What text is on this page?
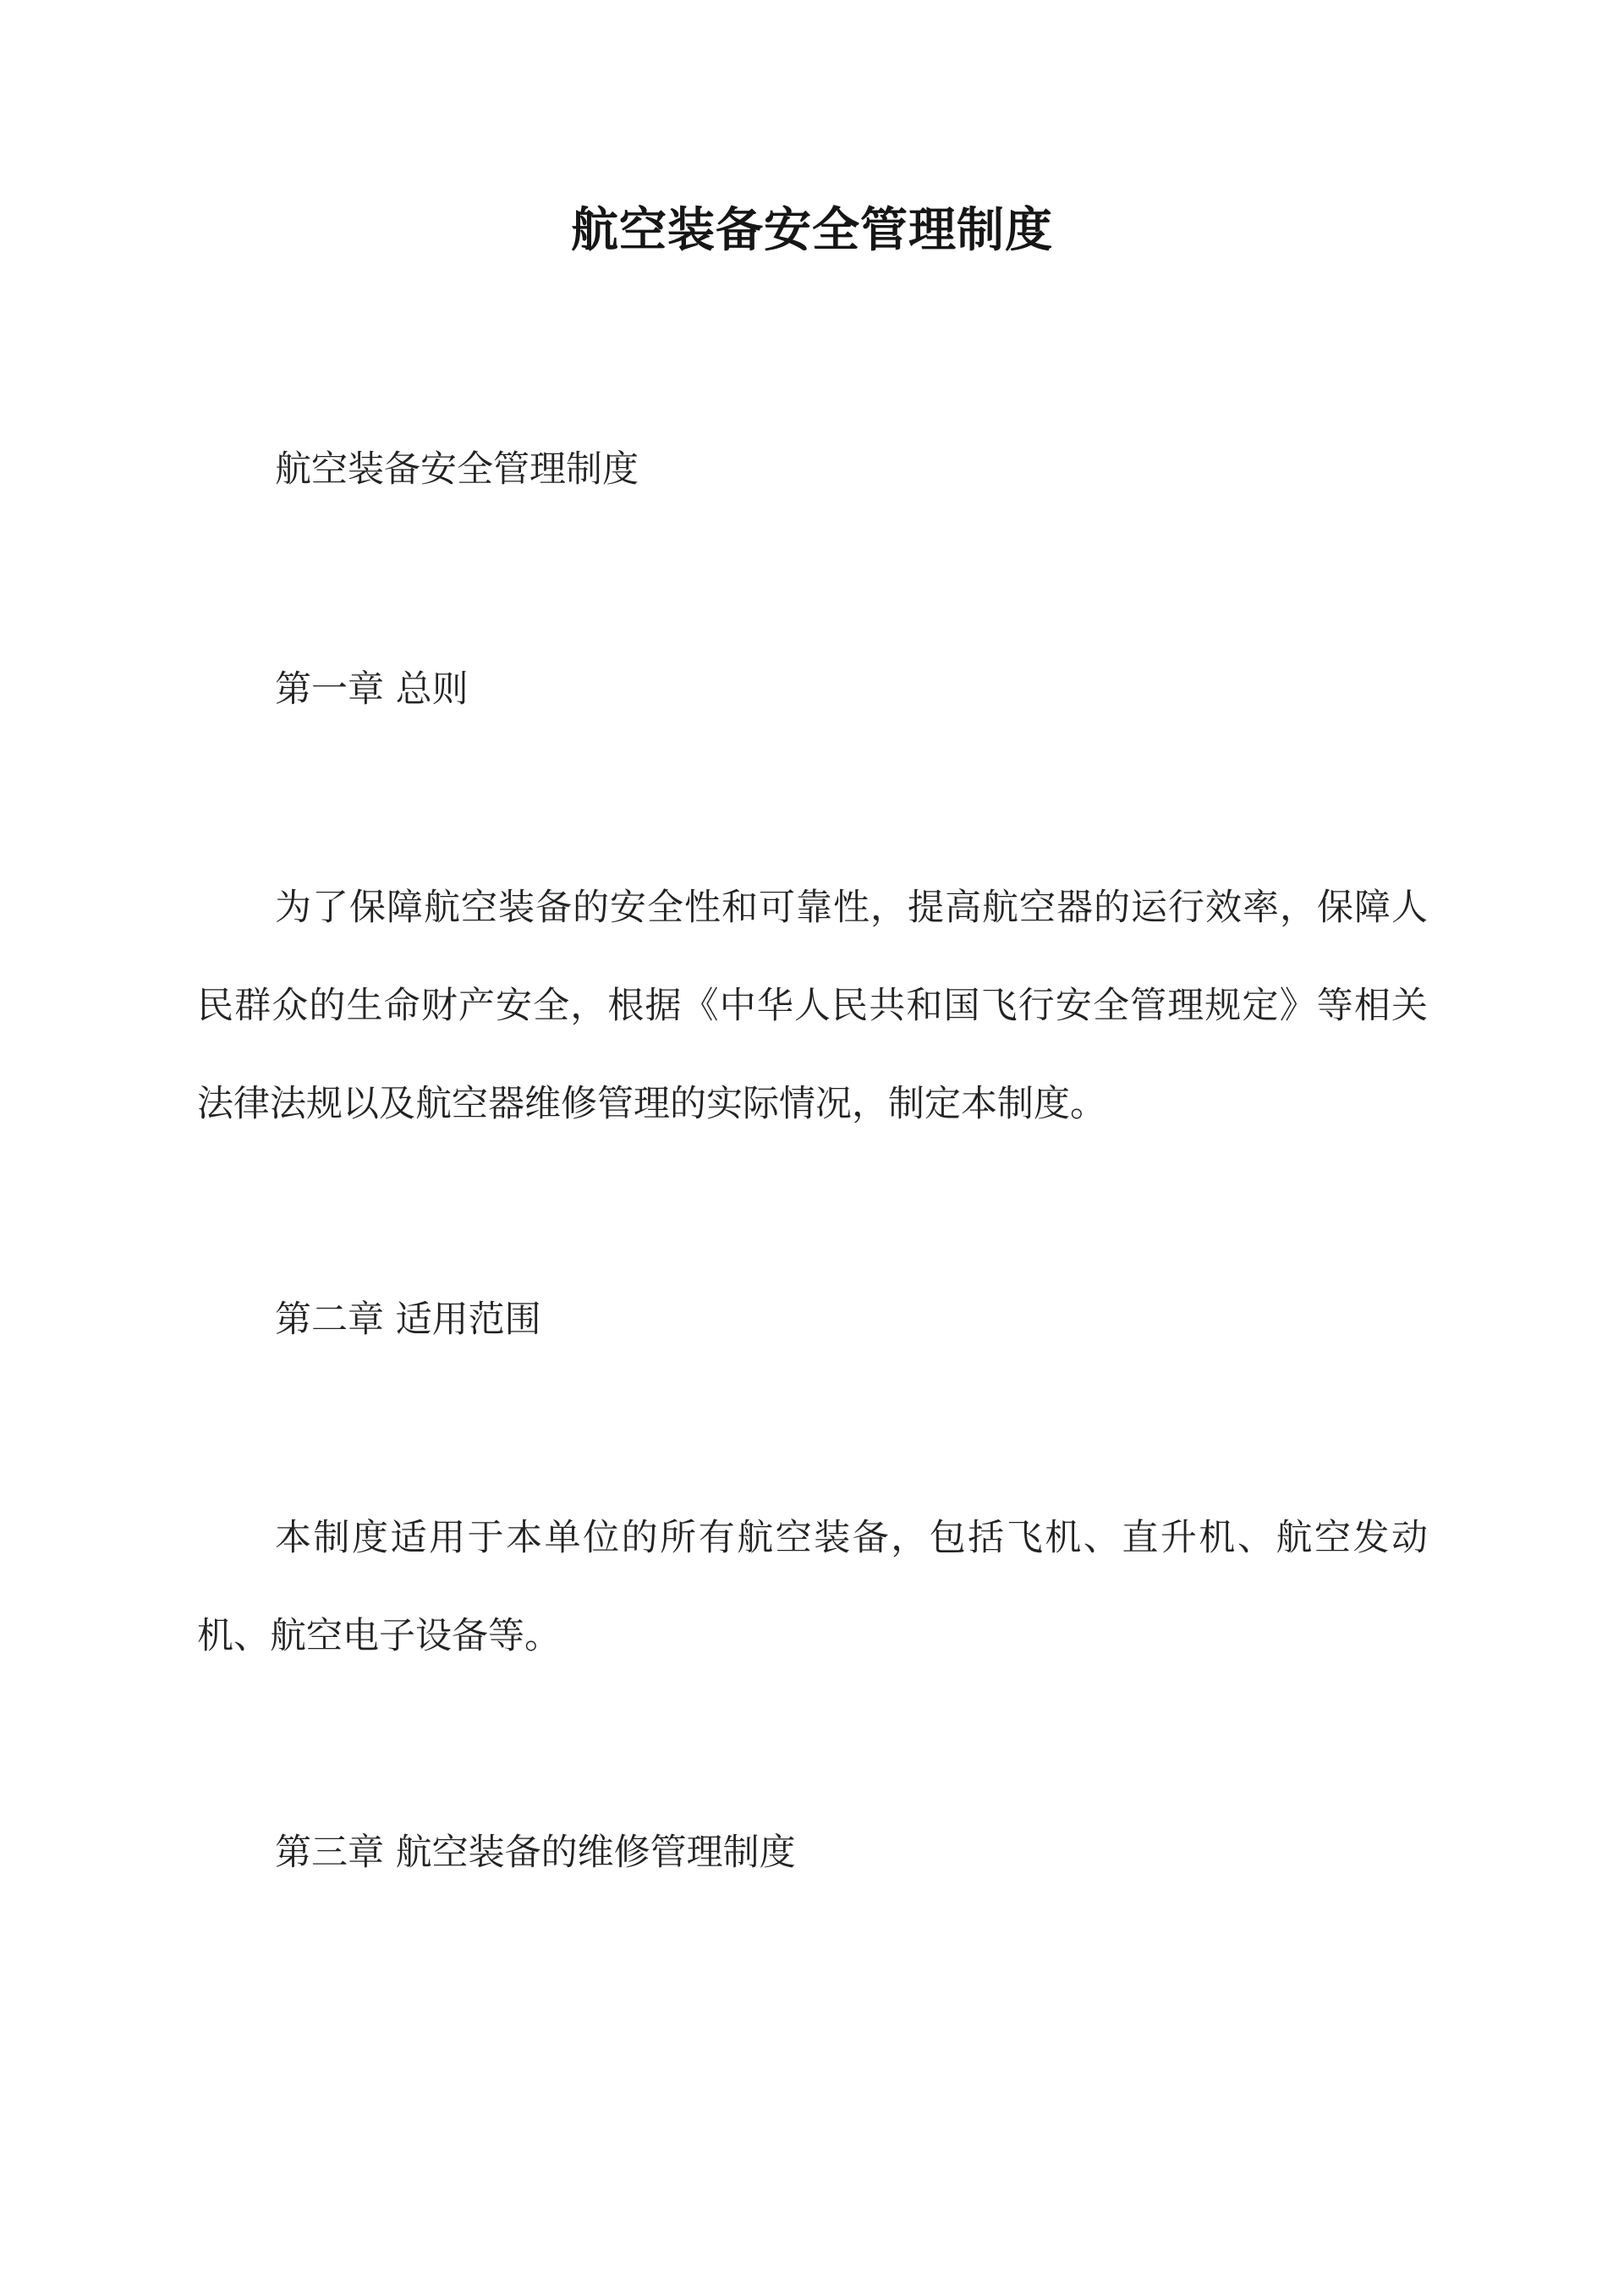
航空装备安全管理制度
航空装备安全管理制度
第一章 总则

为了保障航空装备的安全性和可靠性，提高航空器的运行效率，保障人民群众的生命财产安全，根据《中华人民共和国飞行安全管理规定》等相关法律法规以及航空器维修管理的实际情况，制定本制度。

第二章 适用范围

本制度适用于本单位的所有航空装备，包括飞机、直升机、航空发动机、航空电子设备等。

第三章 航空装备的维修管理制度
